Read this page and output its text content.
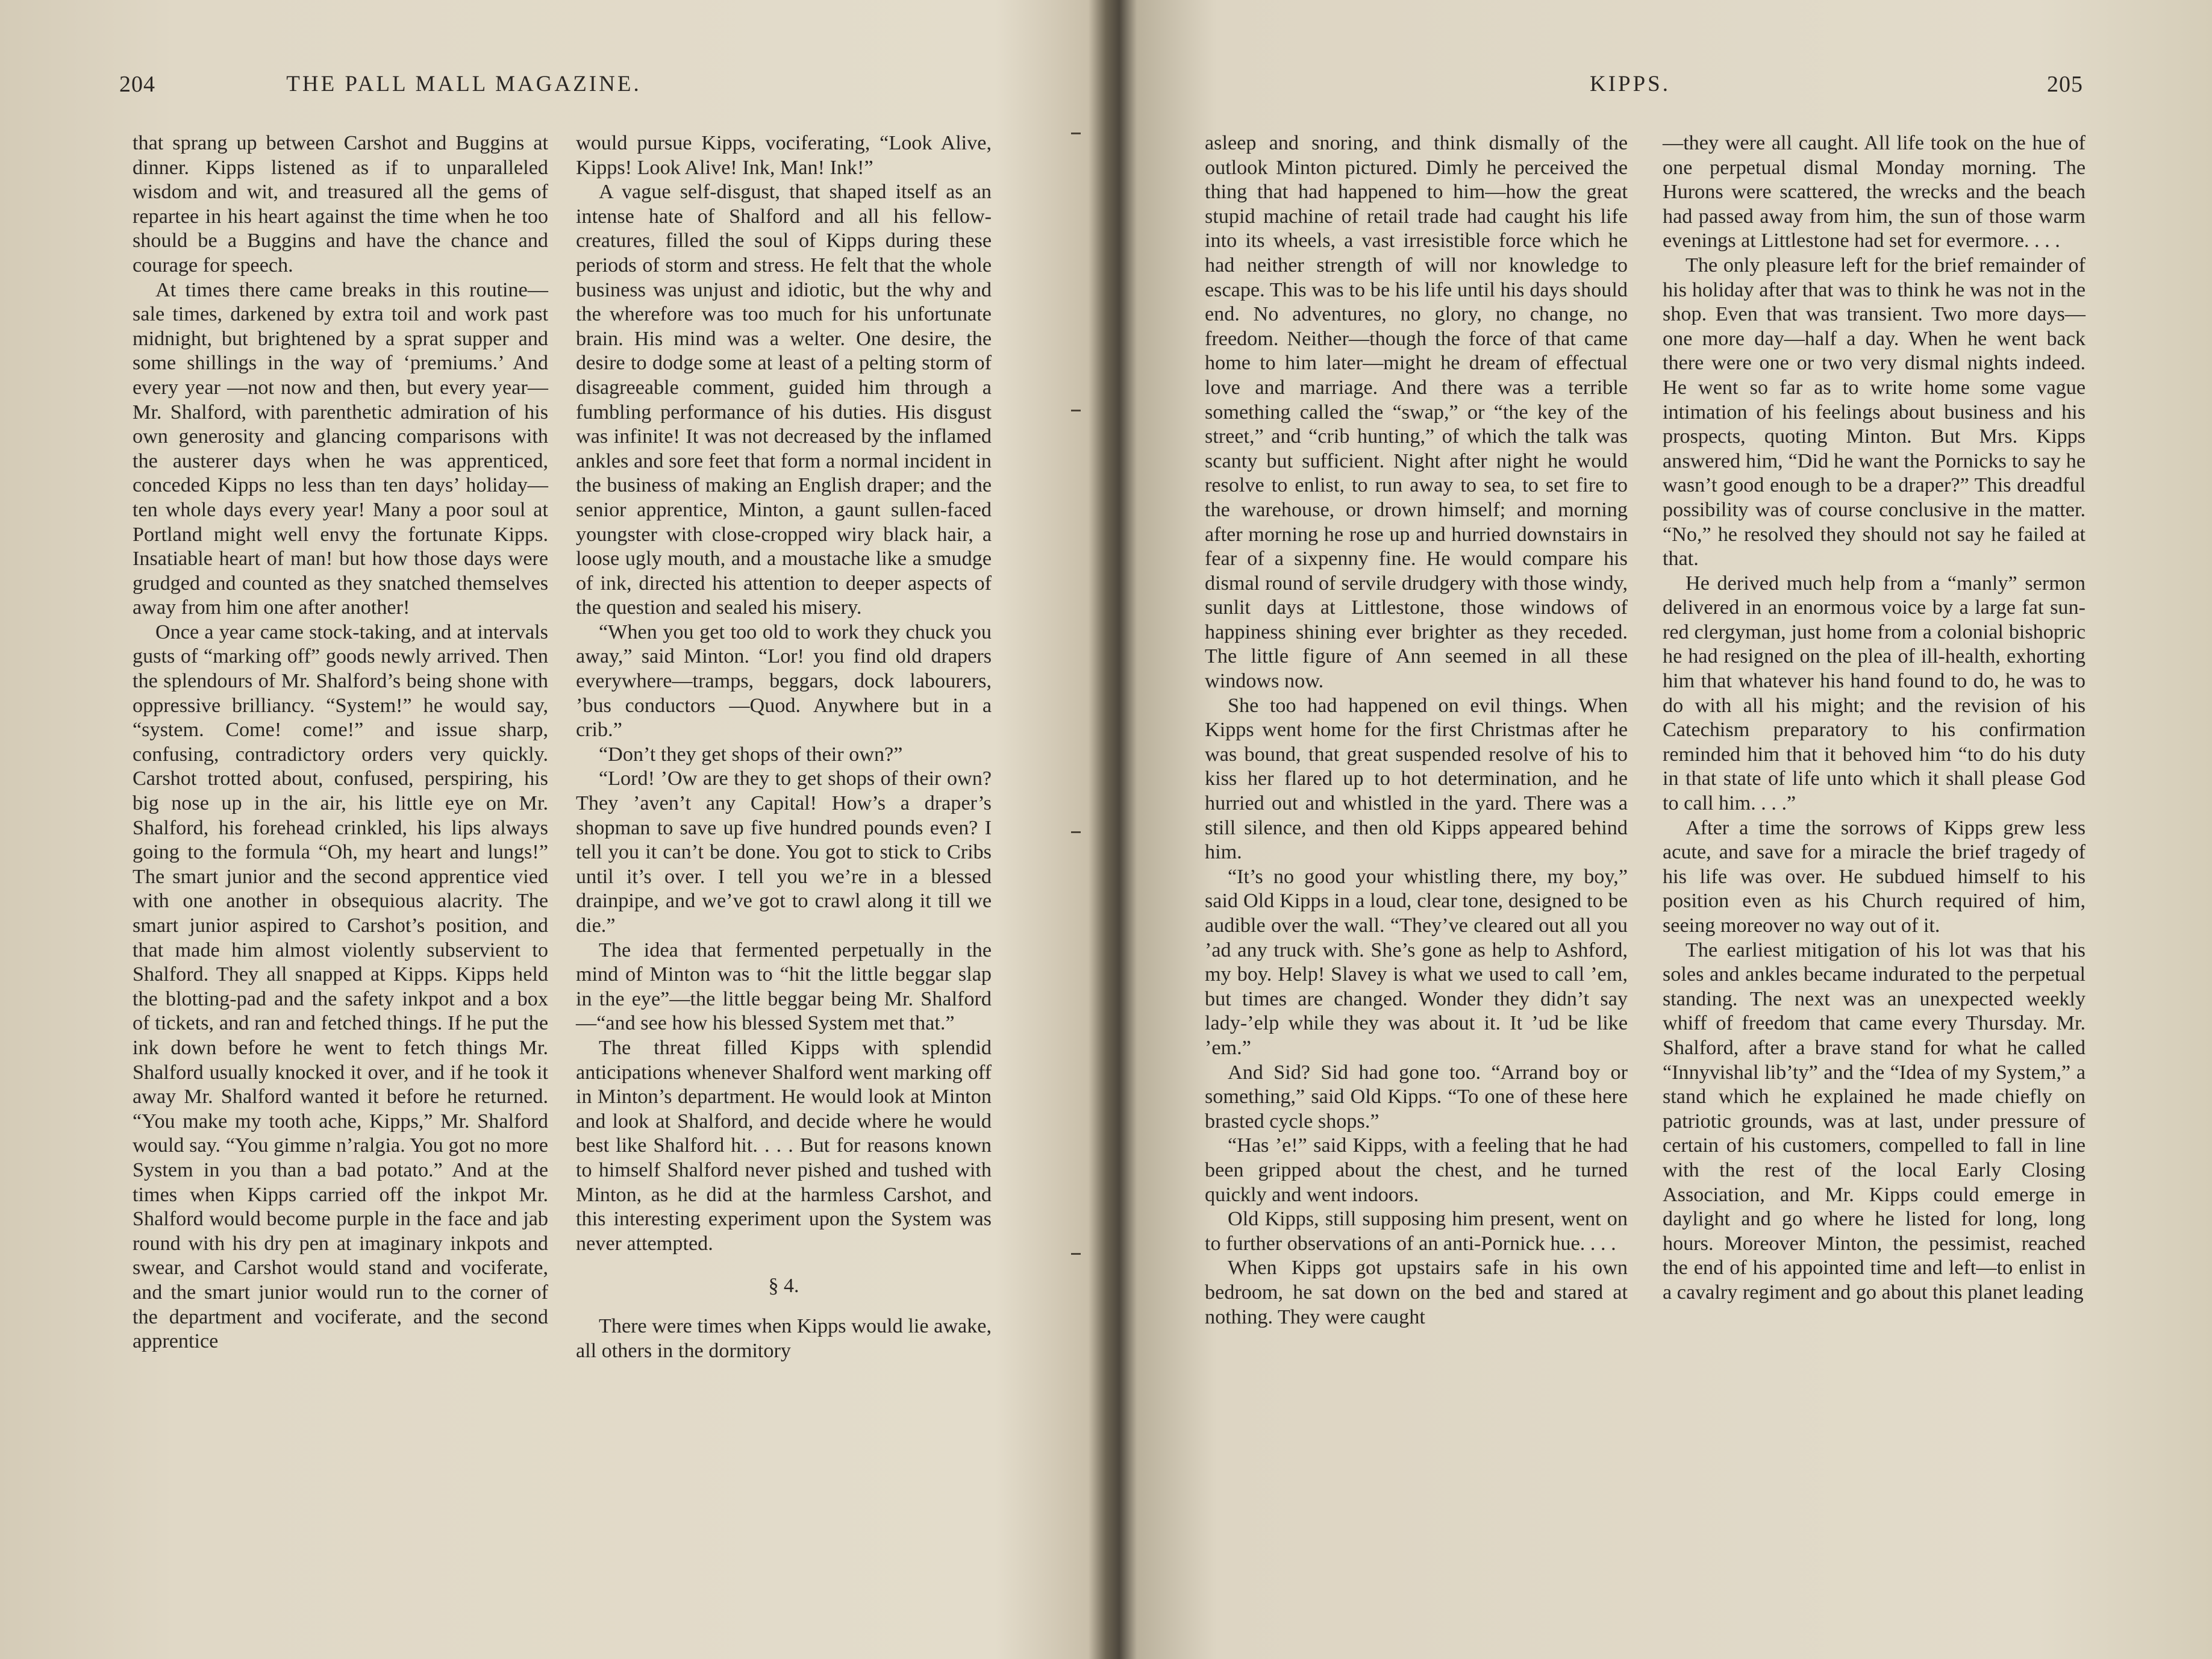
204	THE PALL MALL MAGAZINE.

that sprang up between Carshot and Buggins at dinner. Kipps listened as if to unparalleled wisdom and wit, and treasured all the gems of repartee in his heart against the time when he too should be a Buggins and have the chance and courage for speech.

At times there came breaks in this routine—sale times, darkened by extra toil and work past midnight, but brightened by a sprat supper and some shillings in the way of ‘premiums.’ And every year —not now and then, but every year—Mr. Shalford, with parenthetic admiration of his own generosity and glancing comparisons with the austerer days when he was apprenticed, conceded Kipps no less than ten days’ holiday—ten whole days every year! Many a poor soul at Portland might well envy the fortunate Kipps. Insatiable heart of man! but how those days were grudged and counted as they snatched themselves away from him one after another!

Once a year came stock-taking, and at intervals gusts of “marking off” goods newly arrived. Then the splendours of Mr. Shalford’s being shone with oppressive brilliancy. “System!” he would say, “system. Come! come!” and issue sharp, confusing, contradictory orders very quickly. Carshot trotted about, confused, perspiring, his big nose up in the air, his little eye on Mr. Shalford, his forehead crinkled, his lips always going to the formula “Oh, my heart and lungs!” The smart junior and the second apprentice vied with one another in obsequious alacrity. The smart junior aspired to Carshot’s position, and that made him almost violently subservient to Shalford. They all snapped at Kipps. Kipps held the blotting-pad and the safety inkpot and a box of tickets, and ran and fetched things. If he put the ink down before he went to fetch things Mr. Shalford usually knocked it over, and if he took it away Mr. Shalford wanted it before he returned. “You make my tooth ache, Kipps,” Mr. Shalford would say. “You gimme n’ralgia. You got no more System in you than a bad potato.” And at the times when Kipps carried off the inkpot Mr. Shalford would become purple in the face and jab round with his dry pen at imaginary inkpots and swear, and Carshot would stand and vociferate, and the smart junior would run to the corner of the department and vociferate, and the second apprentice

would pursue Kipps, vociferating, “Look Alive, Kipps! Look Alive! Ink, Man! Ink!”

A vague self-disgust, that shaped itself as an intense hate of Shalford and all his fellow-creatures, filled the soul of Kipps during these periods of storm and stress. He felt that the whole business was unjust and idiotic, but the why and the wherefore was too much for his unfortunate brain. His mind was a welter. One desire, the desire to dodge some at least of a pelting storm of disagreeable comment, guided him through a fumbling performance of his duties. His disgust was infinite! It was not decreased by the inflamed ankles and sore feet that form a normal incident in the business of making an English draper; and the senior apprentice, Minton, a gaunt sullen-faced youngster with close-cropped wiry black hair, a loose ugly mouth, and a moustache like a smudge of ink, directed his attention to deeper aspects of the question and sealed his misery.

“When you get too old to work they chuck you away,” said Minton. “Lor! you find old drapers everywhere—tramps, beggars, dock labourers, ’bus conductors —Quod. Anywhere but in a crib.”

“Don’t they get shops of their own?”

“Lord! ’Ow are they to get shops of their own? They ’aven’t any Capital! How’s a draper’s shopman to save up five hundred pounds even? I tell you it can’t be done. You got to stick to Cribs until it’s over. I tell you we’re in a blessed drainpipe, and we’ve got to crawl along it till we die.”

The idea that fermented perpetually in the mind of Minton was to “hit the little beggar slap in the eye”—the little beggar being Mr. Shalford—“and see how his blessed System met that.”

The threat filled Kipps with splendid anticipations whenever Shalford went marking off in Minton’s department. He would look at Minton and look at Shalford, and decide where he would best like Shalford hit. . . . But for reasons known to himself Shalford never pished and tushed with Minton, as he did at the harmless Carshot, and this interesting experiment upon the System was never attempted.

§ 4.

There were times when Kipps would lie awake, all others in the dormitory

KIPPS.	205

asleep and snoring, and think dismally of the outlook Minton pictured. Dimly he perceived the thing that had happened to him—how the great stupid machine of retail trade had caught his life into its wheels, a vast irresistible force which he had neither strength of will nor knowledge to escape. This was to be his life until his days should end. No adventures, no glory, no change, no freedom. Neither—though the force of that came home to him later—might he dream of effectual love and marriage. And there was a terrible something called the “swap,” or “the key of the street,” and “crib hunting,” of which the talk was scanty but sufficient. Night after night he would resolve to enlist, to run away to sea, to set fire to the warehouse, or drown himself; and morning after morning he rose up and hurried downstairs in fear of a sixpenny fine. He would compare his dismal round of servile drudgery with those windy, sunlit days at Littlestone, those windows of happiness shining ever brighter as they receded. The little figure of Ann seemed in all these windows now.

She too had happened on evil things. When Kipps went home for the first Christmas after he was bound, that great suspended resolve of his to kiss her flared up to hot determination, and he hurried out and whistled in the yard. There was a still silence, and then old Kipps appeared behind him.

“It’s no good your whistling there, my boy,” said Old Kipps in a loud, clear tone, designed to be audible over the wall. “They’ve cleared out all you ’ad any truck with. She’s gone as help to Ashford, my boy. Help! Slavey is what we used to call ’em, but times are changed. Wonder they didn’t say lady-’elp while they was about it. It ’ud be like ’em.”

And Sid? Sid had gone too. “Arrand boy or something,” said Old Kipps. “To one of these here brasted cycle shops.”

“Has ’e!” said Kipps, with a feeling that he had been gripped about the chest, and he turned quickly and went indoors.

Old Kipps, still supposing him present, went on to further observations of an anti-Pornick hue. . . .

When Kipps got upstairs safe in his own bedroom, he sat down on the bed and stared at nothing. They were caught

—they were all caught. All life took on the hue of one perpetual dismal Monday morning. The Hurons were scattered, the wrecks and the beach had passed away from him, the sun of those warm evenings at Littlestone had set for evermore. . . .

The only pleasure left for the brief remainder of his holiday after that was to think he was not in the shop. Even that was transient. Two more days—one more day—half a day. When he went back there were one or two very dismal nights indeed. He went so far as to write home some vague intimation of his feelings about business and his prospects, quoting Minton. But Mrs. Kipps answered him, “Did he want the Pornicks to say he wasn’t good enough to be a draper?” This dreadful possibility was of course conclusive in the matter. “No,” he resolved they should not say he failed at that.

He derived much help from a “manly” sermon delivered in an enormous voice by a large fat sun-red clergyman, just home from a colonial bishopric he had resigned on the plea of ill-health, exhorting him that whatever his hand found to do, he was to do with all his might; and the revision of his Catechism preparatory to his confirmation reminded him that it behoved him “to do his duty in that state of life unto which it shall please God to call him. . . .”

After a time the sorrows of Kipps grew less acute, and save for a miracle the brief tragedy of his life was over. He subdued himself to his position even as his Church required of him, seeing moreover no way out of it.

The earliest mitigation of his lot was that his soles and ankles became indurated to the perpetual standing. The next was an unexpected weekly whiff of freedom that came every Thursday. Mr. Shalford, after a brave stand for what he called “Innyvishal lib’ty” and the “Idea of my System,” a stand which he explained he made chiefly on patriotic grounds, was at last, under pressure of certain of his customers, compelled to fall in line with the rest of the local Early Closing Association, and Mr. Kipps could emerge in daylight and go where he listed for long, long hours. Moreover Minton, the pessimist, reached the end of his appointed time and left—to enlist in a cavalry regiment and go about this planet leading
